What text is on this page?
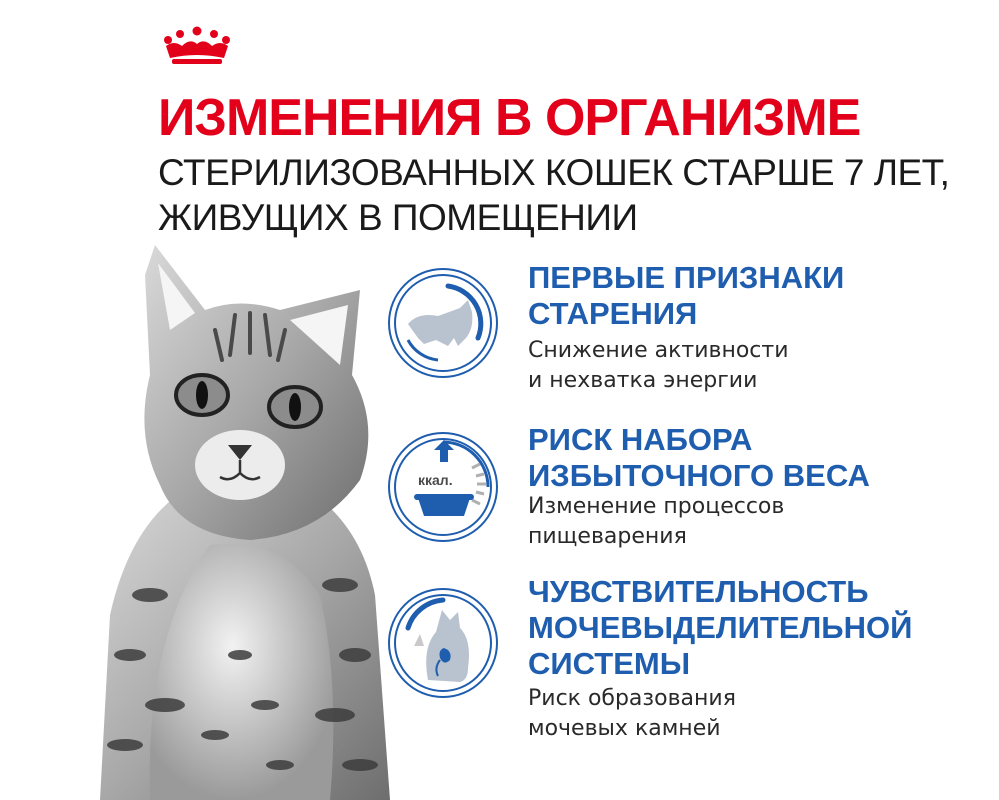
ИЗМЕНЕНИЯ В ОРГАНИЗМЕ
СТЕРИЛИЗОВАННЫХ КОШЕК СТАРШЕ 7 ЛЕТ,
ЖИВУЩИХ В ПОМЕЩЕНИИ
ПЕРВЫЕ ПРИЗНАКИ
СТАРЕНИЯ
Снижение активности
и нехватка энергии
ккал.
РИСК НАБОРА
ИЗБЫТОЧНОГО ВЕСА
Изменение процессов
пищеварения
ЧУВСТВИТЕЛЬНОСТЬ
МОЧЕВЫДЕЛИТЕЛЬНОЙ
СИСТЕМЫ
Риск образования
мочевых камней
